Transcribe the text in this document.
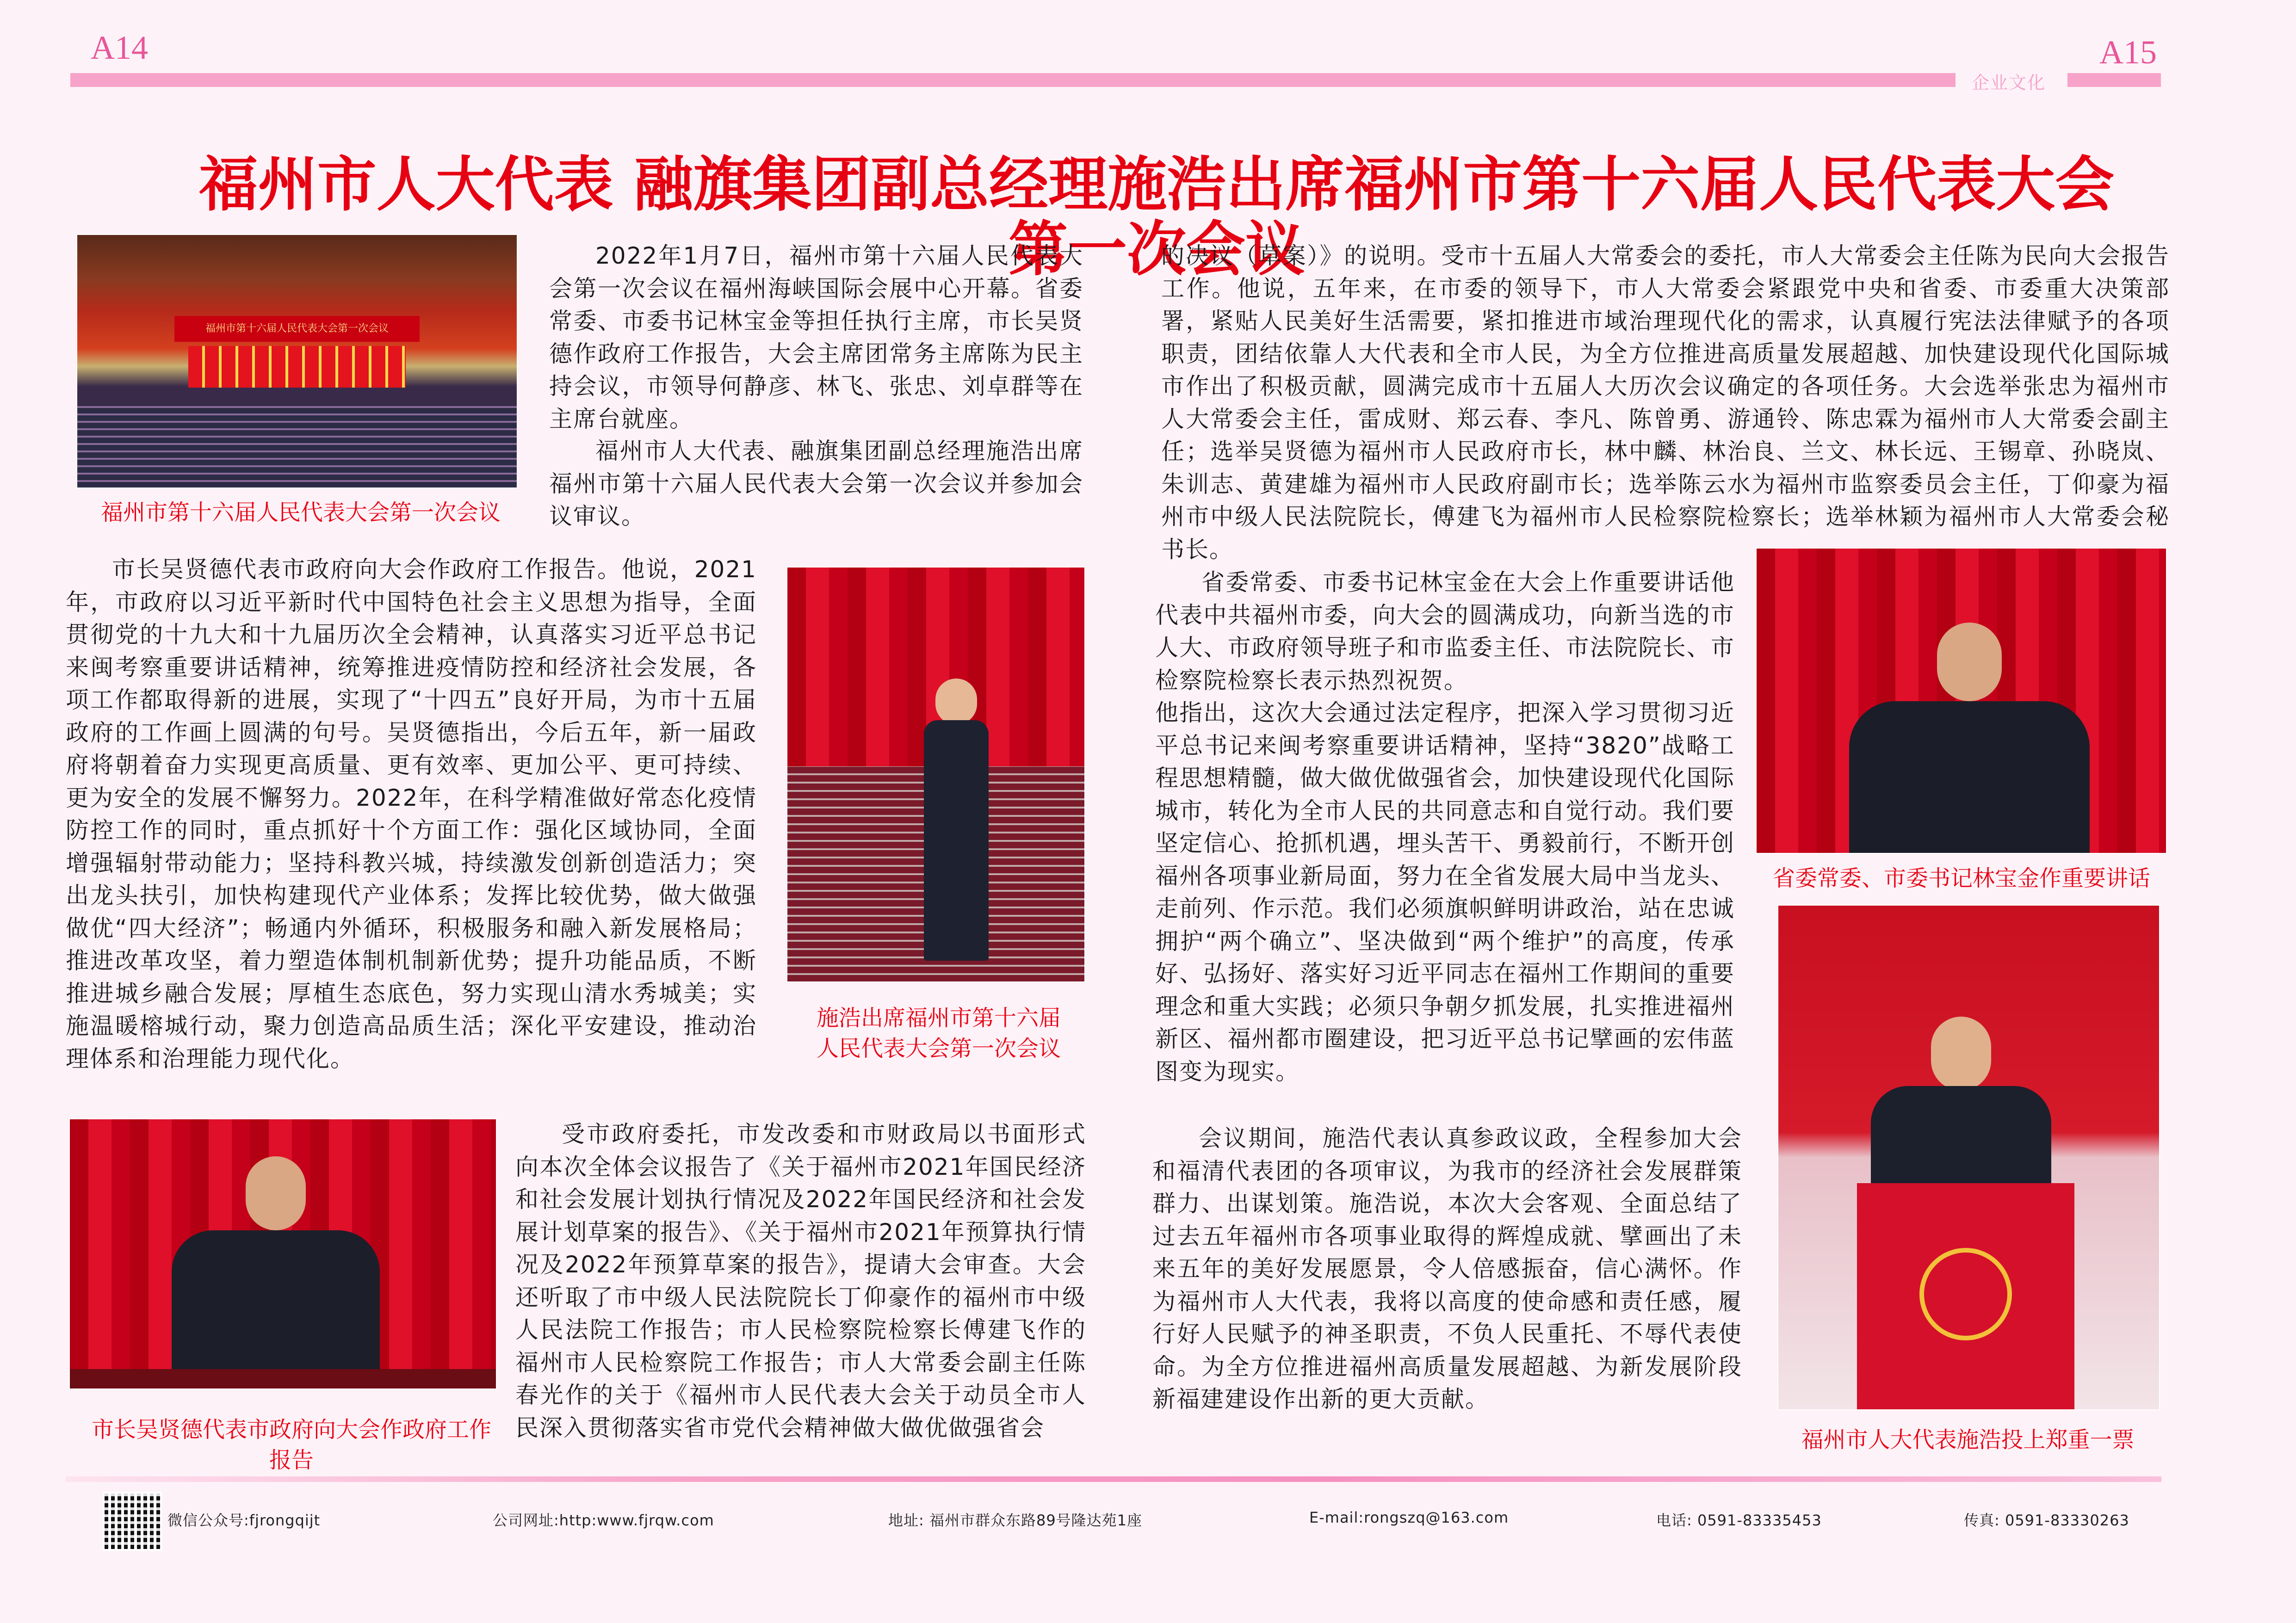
A14	A15
企业文化
福州市人大代表 融旗集团副总经理施浩出席福州市第十六届人民代表大会第一次会议
福州市第十六届人民代表大会第一次会议
福州市第十六届人民代表大会第一次会议
2022年1月7日，福州市第十六届人民代表大会第一次会议在福州海峡国际会展中心开幕。省委常委、市委书记林宝金等担任执行主席，市长吴贤德作政府工作报告，大会主席团常务主席陈为民主持会议，市领导何静彦、林飞、张忠、刘卓群等在主席台就座。
福州市人大代表、融旗集团副总经理施浩出席福州市第十六届人民代表大会第一次会议并参加会议审议。
市长吴贤德代表市政府向大会作政府工作报告。他说，2021年，市政府以习近平新时代中国特色社会主义思想为指导，全面贯彻党的十九大和十九届历次全会精神，认真落实习近平总书记来闽考察重要讲话精神，统筹推进疫情防控和经济社会发展，各项工作都取得新的进展，实现了“十四五”良好开局，为市十五届政府的工作画上圆满的句号。吴贤德指出，今后五年，新一届政府将朝着奋力实现更高质量、更有效率、更加公平、更可持续、更为安全的发展不懈努力。2022年，在科学精准做好常态化疫情防控工作的同时，重点抓好十个方面工作：强化区域协同，全面增强辐射带动能力；坚持科教兴城，持续激发创新创造活力；突出龙头扶引，加快构建现代产业体系；发挥比较优势，做大做强做优“四大经济”；畅通内外循环，积极服务和融入新发展格局；推进改革攻坚，着力塑造体制机制新优势；提升功能品质，不断推进城乡融合发展；厚植生态底色，努力实现山清水秀城美；实施温暖榕城行动，聚力创造高品质生活；深化平安建设，推动治理体系和治理能力现代化。
施浩出席福州市第十六届人民代表大会第一次会议
市长吴贤德代表市政府向大会作政府工作报告
受市政府委托，市发改委和市财政局以书面形式向本次全体会议报告了《关于福州市2021年国民经济和社会发展计划执行情况及2022年国民经济和社会发展计划草案的报告》、《关于福州市2021年预算执行情况及2022年预算草案的报告》，提请大会审查。大会还听取了市中级人民法院院长丁仰豪作的福州市中级人民法院工作报告；市人民检察院检察长傅建飞作的福州市人民检察院工作报告；市人大常委会副主任陈春光作的关于《福州市人民代表大会关于动员全市人民深入贯彻落实省市党代会精神做大做优做强省会
的决议（草案）》的说明。受市十五届人大常委会的委托，市人大常委会主任陈为民向大会报告工作。他说，五年来，在市委的领导下，市人大常委会紧跟党中央和省委、市委重大决策部署，紧贴人民美好生活需要，紧扣推进市域治理现代化的需求，认真履行宪法法律赋予的各项职责，团结依靠人大代表和全市人民，为全方位推进高质量发展超越、加快建设现代化国际城市作出了积极贡献，圆满完成市十五届人大历次会议确定的各项任务。大会选举张忠为福州市人大常委会主任，雷成财、郑云春、李凡、陈曾勇、游通铃、陈忠霖为福州市人大常委会副主任；选举吴贤德为福州市人民政府市长，林中麟、林治良、兰文、林长远、王锡章、孙晓岚、朱训志、黄建雄为福州市人民政府副市长；选举陈云水为福州市监察委员会主任，丁仰豪为福州市中级人民法院院长，傅建飞为福州市人民检察院检察长；选举林颖为福州市人大常委会秘书长。
省委常委、市委书记林宝金在大会上作重要讲话他代表中共福州市委，向大会的圆满成功，向新当选的市人大、市政府领导班子和市监委主任、市法院院长、市检察院检察长表示热烈祝贺。
他指出，这次大会通过法定程序，把深入学习贯彻习近平总书记来闽考察重要讲话精神，坚持“3820”战略工程思想精髓，做大做优做强省会，加快建设现代化国际城市，转化为全市人民的共同意志和自觉行动。我们要坚定信心、抢抓机遇，埋头苦干、勇毅前行，不断开创福州各项事业新局面，努力在全省发展大局中当龙头、走前列、作示范。我们必须旗帜鲜明讲政治，站在忠诚拥护“两个确立”、坚决做到“两个维护”的高度，传承好、弘扬好、落实好习近平同志在福州工作期间的重要理念和重大实践；必须只争朝夕抓发展，扎实推进福州新区、福州都市圈建设，把习近平总书记擘画的宏伟蓝图变为现实。
省委常委、市委书记林宝金作重要讲话
福州市人大代表施浩投上郑重一票
会议期间，施浩代表认真参政议政，全程参加大会和福清代表团的各项审议，为我市的经济社会发展群策群力、出谋划策。施浩说，本次大会客观、全面总结了过去五年福州市各项事业取得的辉煌成就、擘画出了未来五年的美好发展愿景，令人倍感振奋，信心满怀。作为福州市人大代表，我将以高度的使命感和责任感，履行好人民赋予的神圣职责，不负人民重托、不辱代表使命。为全方位推进福州高质量发展超越、为新发展阶段新福建建设作出新的更大贡献。
微信公众号:fjrongqijt	公司网址:http:www.fjrqw.com	地址: 福州市群众东路89号隆达苑1座	E-mail:rongszq@163.com	电话: 0591-83335453	传真: 0591-83330263
